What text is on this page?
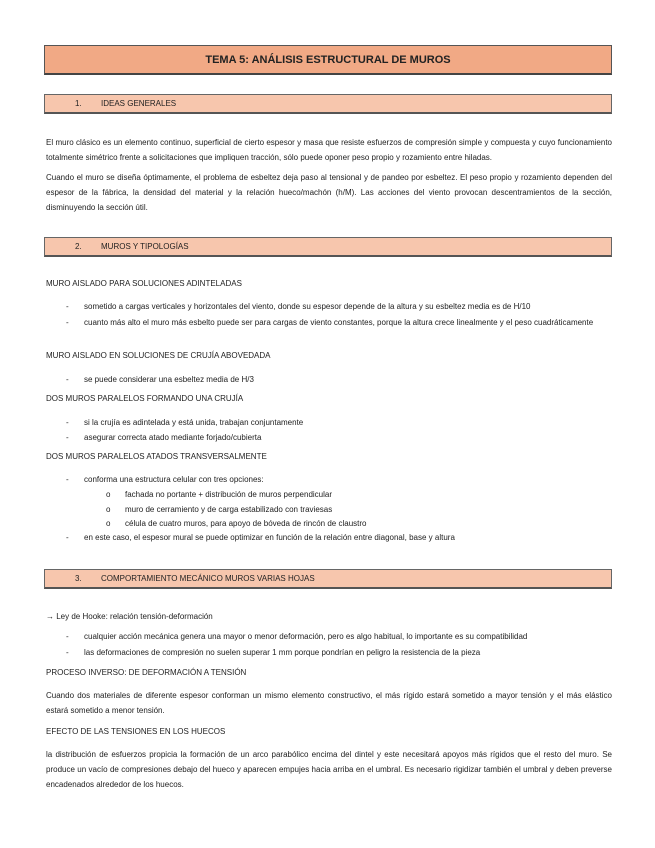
TEMA 5: ANÁLISIS ESTRUCTURAL DE MUROS
1.	IDEAS GENERALES
El muro clásico es un elemento continuo, superficial de cierto espesor y masa que resiste esfuerzos de compresión simple y compuesta y cuyo funcionamiento totalmente simétrico frente a solicitaciones que impliquen tracción, sólo puede oponer peso propio y rozamiento entre hiladas.
Cuando el muro se diseña óptimamente, el problema de esbeltez deja paso al tensional y de pandeo por esbeltez. El peso propio y rozamiento dependen del espesor de la fábrica, la densidad del material y la relación hueco/machón (h/M). Las acciones del viento provocan descentramientos de la sección, disminuyendo la sección útil.
2.	MUROS Y TIPOLOGÍAS
MURO AISLADO PARA SOLUCIONES ADINTELADAS
-	sometido a cargas verticales y horizontales del viento, donde su espesor depende de la altura y su esbeltez media es de H/10
-	cuanto más alto el muro más esbelto puede ser para cargas de viento constantes, porque la altura crece linealmente y el peso cuadráticamente
MURO AISLADO EN SOLUCIONES DE CRUJÍA ABOVEDADA
-	se puede considerar una esbeltez media de H/3
DOS MUROS PARALELOS FORMANDO UNA CRUJÍA
-	si la crujía es adintelada y está unida, trabajan conjuntamente
-	asegurar correcta atado mediante forjado/cubierta
DOS MUROS PARALELOS ATADOS TRANSVERSALMENTE
-	conforma una estructura celular con tres opciones:
o	fachada no portante + distribución de muros perpendicular
o	muro de cerramiento y de carga estabilizado con traviesas
o	célula de cuatro muros, para apoyo de bóveda de rincón de claustro
-	en este caso, el espesor mural se puede optimizar en función de la relación entre diagonal, base y altura
3.	COMPORTAMIENTO MECÁNICO MUROS VARIAS HOJAS
→ Ley de Hooke: relación tensión-deformación
-	cualquier acción mecánica genera una mayor o menor deformación, pero es algo habitual, lo importante es su compatibilidad
-	las deformaciones de compresión no suelen superar 1 mm porque pondrían en peligro la resistencia de la pieza
PROCESO INVERSO: DE DEFORMACIÓN A TENSIÓN
Cuando dos materiales de diferente espesor conforman un mismo elemento constructivo, el más rígido estará sometido a mayor tensión y el más elástico estará sometido a menor tensión.
EFECTO DE LAS TENSIONES EN LOS HUECOS
la distribución de esfuerzos propicia la formación de un arco parabólico encima del dintel y este necesitará apoyos más rígidos que el resto del muro. Se produce un vacío de compresiones debajo del hueco y aparecen empujes hacia arriba en el umbral. Es necesario rigidizar también el umbral y deben preverse encadenados alrededor de los huecos.
